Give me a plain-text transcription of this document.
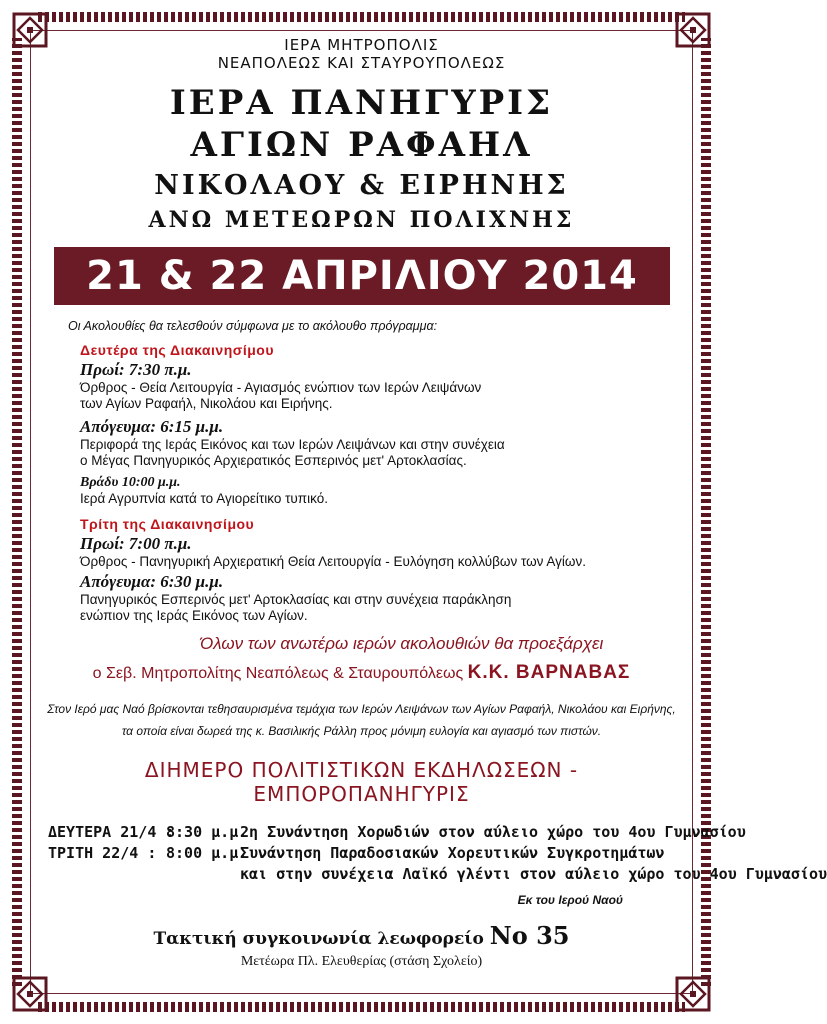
ΙΕΡΑ ΜΗΤΡΟΠΟΛΙΣ
ΝΕΑΠΟΛΕΩΣ ΚΑΙ ΣΤΑΥΡΟΥΠΟΛΕΩΣ
ΙΕΡΑ ΠΑΝΗΓΥΡΙΣ
ΑΓΙΩΝ ΡΑΦΑΗΛ
ΝΙΚΟΛΑΟΥ & ΕΙΡΗΝΗΣ
ΑΝΩ ΜΕΤΕΩΡΩΝ ΠΟΛΙΧΝΗΣ
21 & 22 ΑΠΡΙΛΙΟΥ 2014
Οι Ακολουθίες θα τελεσθούν σύμφωνα με το ακόλουθο πρόγραμμα:
Δευτέρα της Διακαινησίμου
Πρωί: 7:30 π.μ.
Όρθρος - Θεία Λειτουργία - Αγιασμός ενώπιον των Ιερών Λειψάνων
των Αγίων Ραφαήλ, Νικολάου και Ειρήνης.
Απόγευμα: 6:15 μ.μ.
Περιφορά της Ιεράς Εικόνος και των Ιερών Λειψάνων και στην συνέχεια
ο Μέγας Πανηγυρικός Αρχιερατικός Εσπερινός μετ' Αρτοκλασίας.
Βράδυ 10:00 μ.μ.
Ιερά Αγρυπνία κατά το Αγιορείτικο τυπικό.
Τρίτη της Διακαινησίμου
Πρωί: 7:00 π.μ.
Όρθρος - Πανηγυρική Αρχιερατική Θεία Λειτουργία - Ευλόγηση κολλύβων των Αγίων.
Απόγευμα: 6:30 μ.μ.
Πανηγυρικός Εσπερινός μετ' Αρτοκλασίας και στην συνέχεια παράκληση
ενώπιον της Ιεράς Εικόνος των Αγίων.
Όλων των ανωτέρω ιερών ακολουθιών θα προεξάρχει
ο Σεβ. Μητροπολίτης Νεαπόλεως & Σταυρουπόλεως Κ.Κ. ΒΑΡΝΑΒΑΣ
Στον Ιερό μας Ναό βρίσκονται τεθησαυρισμένα τεμάχια των Ιερών Λειψάνων των Αγίων Ραφαήλ, Νικολάου και Ειρήνης,
τα οποία είναι δωρεά της κ. Βασιλικής Ράλλη προς μόνιμη ευλογία και αγιασμό των πιστών.
ΔΙΗΜΕΡΟ ΠΟΛΙΤΙΣΤΙΚΩΝ ΕΚΔΗΛΩΣΕΩΝ - ΕΜΠΟΡΟΠΑΝΗΓΥΡΙΣ
ΔΕΥΤΕΡΑ 21/4 :
8:30 μ.μ.
2η Συνάντηση Χορωδιών στον αύλειο χώρο του 4ου Γυμνασίου
ΤΡΙΤΗ 22/4 : 8:00 μ.μ.
Συνάντηση Παραδοσιακών Χορευτικών Συγκροτημάτων
και στην συνέχεια Λαϊκό γλέντι στον αύλειο χώρο του 4ου Γυμνασίου
Εκ του Ιερού Ναού
Τακτική συγκοινωνία λεωφορείο Νο 35
Μετέωρα Πλ. Ελευθερίας (στάση Σχολείο)
